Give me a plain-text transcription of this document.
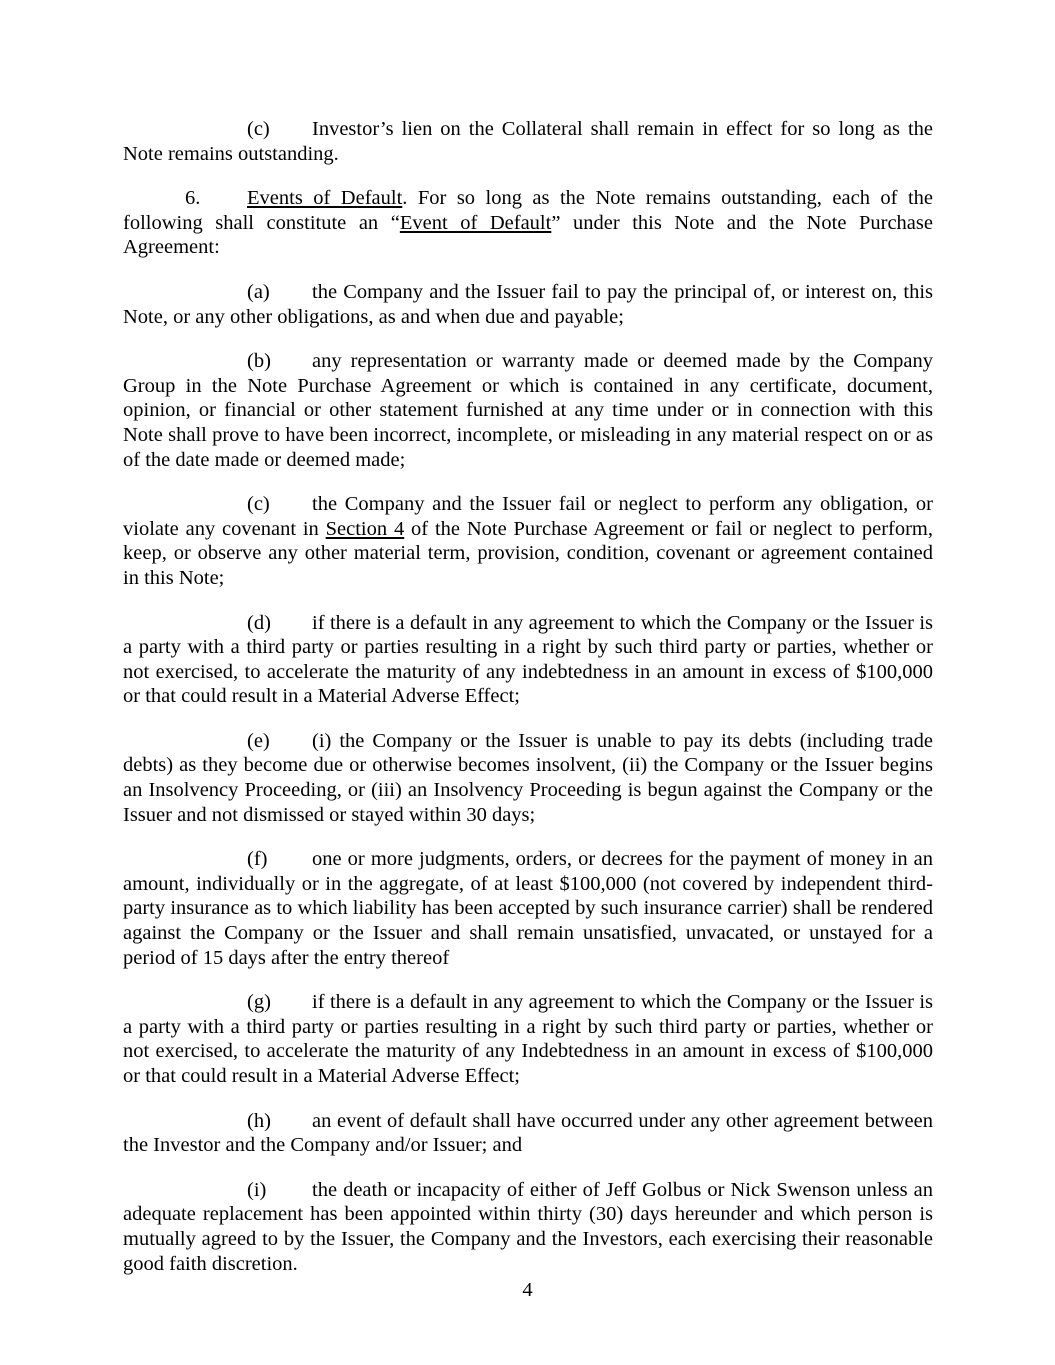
(c) Investor’s lien on the Collateral shall remain in effect for so long as the Note remains outstanding.

6. Events of Default. For so long as the Note remains outstanding, each of the following shall constitute an “Event of Default” under this Note and the Note Purchase Agreement:

(a) the Company and the Issuer fail to pay the principal of, or interest on, this Note, or any other obligations, as and when due and payable;

(b) any representation or warranty made or deemed made by the Company Group in the Note Purchase Agreement or which is contained in any certificate, document, opinion, or financial or other statement furnished at any time under or in connection with this Note shall prove to have been incorrect, incomplete, or misleading in any material respect on or as of the date made or deemed made;

(c) the Company and the Issuer fail or neglect to perform any obligation, or violate any covenant in Section 4 of the Note Purchase Agreement or fail or neglect to perform, keep, or observe any other material term, provision, condition, covenant or agreement contained in this Note;

(d) if there is a default in any agreement to which the Company or the Issuer is a party with a third party or parties resulting in a right by such third party or parties, whether or not exercised, to accelerate the maturity of any indebtedness in an amount in excess of $100,000 or that could result in a Material Adverse Effect;

(e) (i) the Company or the Issuer is unable to pay its debts (including trade debts) as they become due or otherwise becomes insolvent, (ii) the Company or the Issuer begins an Insolvency Proceeding, or (iii) an Insolvency Proceeding is begun against the Company or the Issuer and not dismissed or stayed within 30 days;

(f) one or more judgments, orders, or decrees for the payment of money in an amount, individually or in the aggregate, of at least $100,000 (not covered by independent third-party insurance as to which liability has been accepted by such insurance carrier) shall be rendered against the Company or the Issuer and shall remain unsatisfied, unvacated, or unstayed for a period of 15 days after the entry thereof

(g) if there is a default in any agreement to which the Company or the Issuer is a party with a third party or parties resulting in a right by such third party or parties, whether or not exercised, to accelerate the maturity of any Indebtedness in an amount in excess of $100,000 or that could result in a Material Adverse Effect;

(h) an event of default shall have occurred under any other agreement between the Investor and the Company and/or Issuer; and

(i) the death or incapacity of either of Jeff Golbus or Nick Swenson unless an adequate replacement has been appointed within thirty (30) days hereunder and which person is mutually agreed to by the Issuer, the Company and the Investors, each exercising their reasonable good faith discretion.

4
